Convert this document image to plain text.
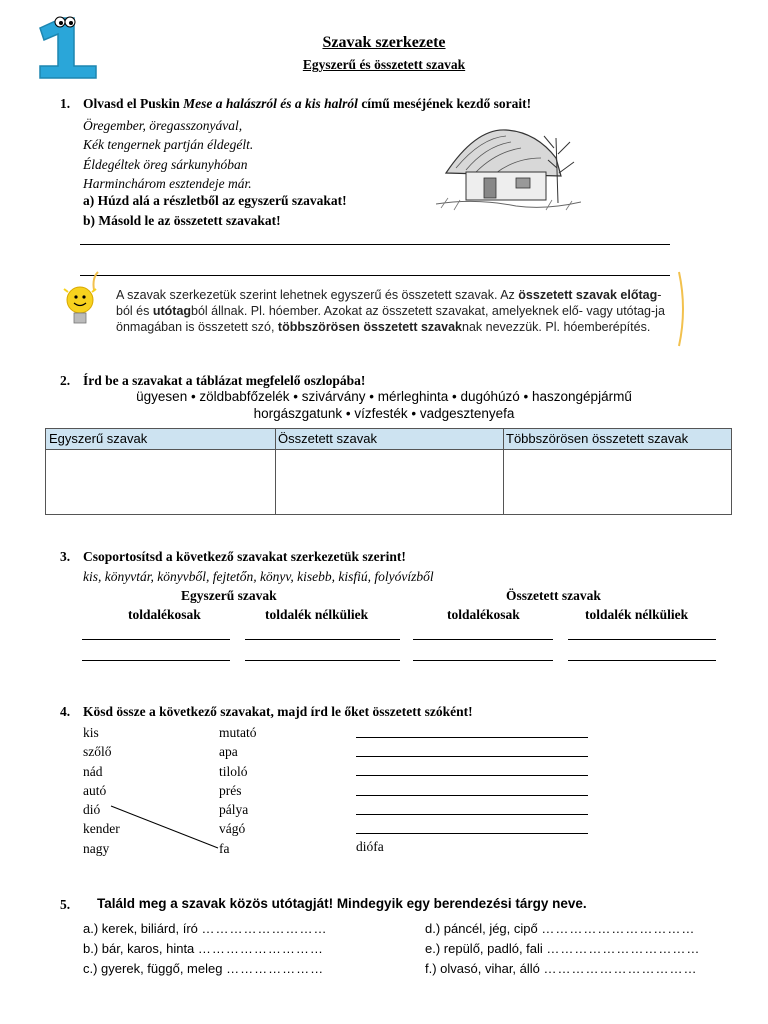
Szavak szerkezete
Egyszerű és összetett szavak
1. Olvasd el Puskin Mese a halászról és a kis halról című meséjének kezdő sorait!
Öregember, öregasszonyával,
Kék tengernek partján éldegélt.
Éldegéltek öreg sárkunyhóban
Harminchárom esztendeje már.
a) Húzd alá a részletből az egyszerű szavakat!
b) Másold le az összetett szavakat!
A szavak szerkezetük szerint lehetnek egyszerű és összetett szavak. Az összetett szavak előtag-ból és utótagból állnak. Pl. hóember. Azokat az összetett szavakat, amelyeknek elő- vagy utótag-ja önmagában is összetett szó, többszörösen összetett szavaknak nevezzük. Pl. hóemberépítés.
2. Írd be a szavakat a táblázat megfelelő oszlopába!
ügyesen • zöldbabfőzelék • szivárvány • mérleghinta • dugóhúzó • haszongépjármű
horgászgatunk • vízfesték • vadgesztenyefa
Egyszerű szavak	Összetett szavak	Többszörösen összetett szavak
3. Csoportosítsd a következő szavakat szerkezetük szerint!
kis, könyvtár, könyvből, fejtetőn, könyv, kisebb, kisfiú, folyóvízből
Egyszerű szavak	Összetett szavak
toldalékosak	toldalék nélküliek	toldalékosak	toldalék nélküliek
4. Kösd össze a következő szavakat, majd írd le őket összetett szóként!
kis
szőlő
nád
autó
dió
kender
nagy
mutató
apa
tiloló
prés
pálya
vágó
fa	diófa
5. Találd meg a szavak közös utótagját! Mindegyik egy berendezési tárgy neve.
a.) kerek, biliárd, író ………………………
b.) bár, karos, hinta ………………………
c.) gyerek, függő, meleg …………………
d.) páncél, jég, cipő ……………………………
e.) repülő, padló, fali ……………………………
f.) olvasó, vihar, álló ……………………………
